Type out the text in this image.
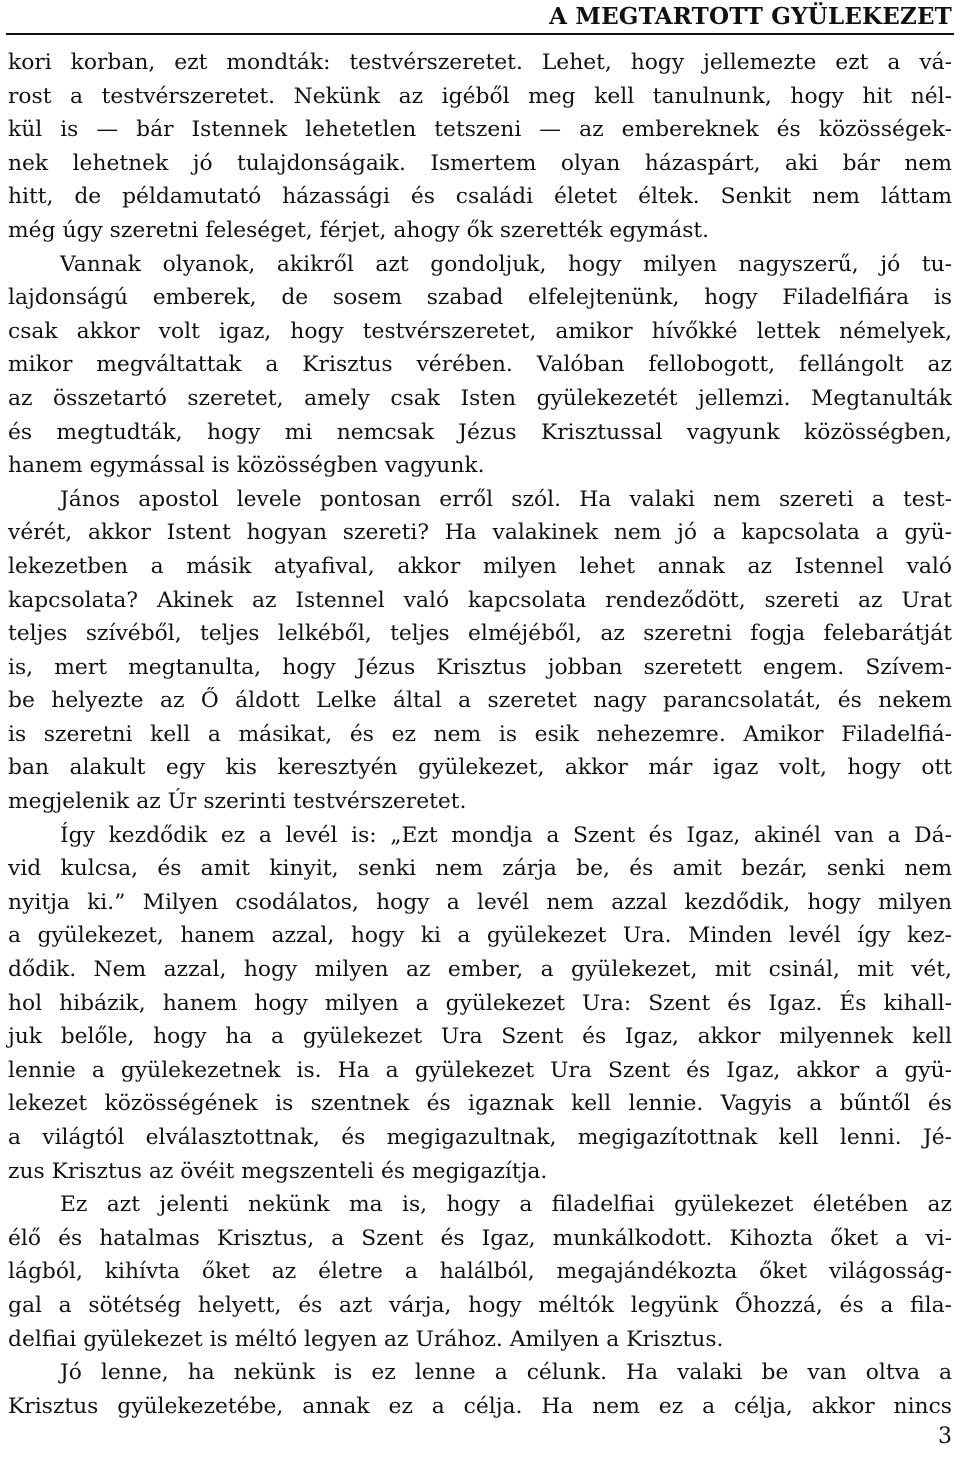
A MEGTARTOTT GYÜLEKEZET
kori korban, ezt mondták: testvérszeretet. Lehet, hogy jellemezte ezt a vá-
rost a testvérszeretet. Nekünk az igéből meg kell tanulnunk, hogy hit nél-
kül is — bár Istennek lehetetlen tetszeni — az embereknek és közösségek-
nek lehetnek jó tulajdonságaik. Ismertem olyan házaspárt, aki bár nem
hitt, de példamutató házassági és családi életet éltek. Senkit nem láttam
még úgy szeretni feleséget, férjet, ahogy ők szerették egymást.
Vannak olyanok, akikről azt gondoljuk, hogy milyen nagyszerű, jó tu-
lajdonságú emberek, de sosem szabad elfelejtenünk, hogy Filadelfiára is
csak akkor volt igaz, hogy testvérszeretet, amikor hívőkké lettek némelyek,
mikor megváltattak a Krisztus vérében. Valóban fellobogott, fellángolt az
az összetartó szeretet, amely csak Isten gyülekezetét jellemzi. Megtanulták
és megtudták, hogy mi nemcsak Jézus Krisztussal vagyunk közösségben,
hanem egymással is közösségben vagyunk.
János apostol levele pontosan erről szól. Ha valaki nem szereti a test-
vérét, akkor Istent hogyan szereti? Ha valakinek nem jó a kapcsolata a gyü-
lekezetben a másik atyafival, akkor milyen lehet annak az Istennel való
kapcsolata? Akinek az Istennel való kapcsolata rendeződött, szereti az Urat
teljes szívéből, teljes lelkéből, teljes elméjéből, az szeretni fogja felebarátját
is, mert megtanulta, hogy Jézus Krisztus jobban szeretett engem. Szívem-
be helyezte az Ő áldott Lelke által a szeretet nagy parancsolatát, és nekem
is szeretni kell a másikat, és ez nem is esik nehezemre. Amikor Filadelfiá-
ban alakult egy kis keresztyén gyülekezet, akkor már igaz volt, hogy ott
megjelenik az Úr szerinti testvérszeretet.
Így kezdődik ez a levél is: „Ezt mondja a Szent és Igaz, akinél van a Dá-
vid kulcsa, és amit kinyit, senki nem zárja be, és amit bezár, senki nem
nyitja ki.” Milyen csodálatos, hogy a levél nem azzal kezdődik, hogy milyen
a gyülekezet, hanem azzal, hogy ki a gyülekezet Ura. Minden levél így kez-
dődik. Nem azzal, hogy milyen az ember, a gyülekezet, mit csinál, mit vét,
hol hibázik, hanem hogy milyen a gyülekezet Ura: Szent és Igaz. És kihall-
juk belőle, hogy ha a gyülekezet Ura Szent és Igaz, akkor milyennek kell
lennie a gyülekezetnek is. Ha a gyülekezet Ura Szent és Igaz, akkor a gyü-
lekezet közösségének is szentnek és igaznak kell lennie. Vagyis a bűntől és
a világtól elválasztottnak, és megigazultnak, megigazítottnak kell lenni. Jé-
zus Krisztus az övéit megszenteli és megigazítja.
Ez azt jelenti nekünk ma is, hogy a filadelfiai gyülekezet életében az
élő és hatalmas Krisztus, a Szent és Igaz, munkálkodott. Kihozta őket a vi-
lágból, kihívta őket az életre a halálból, megajándékozta őket világosság-
gal a sötétség helyett, és azt várja, hogy méltók legyünk Őhozzá, és a fila-
delfiai gyülekezet is méltó legyen az Urához. Amilyen a Krisztus.
Jó lenne, ha nekünk is ez lenne a célunk. Ha valaki be van oltva a
Krisztus gyülekezetébe, annak ez a célja. Ha nem ez a célja, akkor nincs
3
